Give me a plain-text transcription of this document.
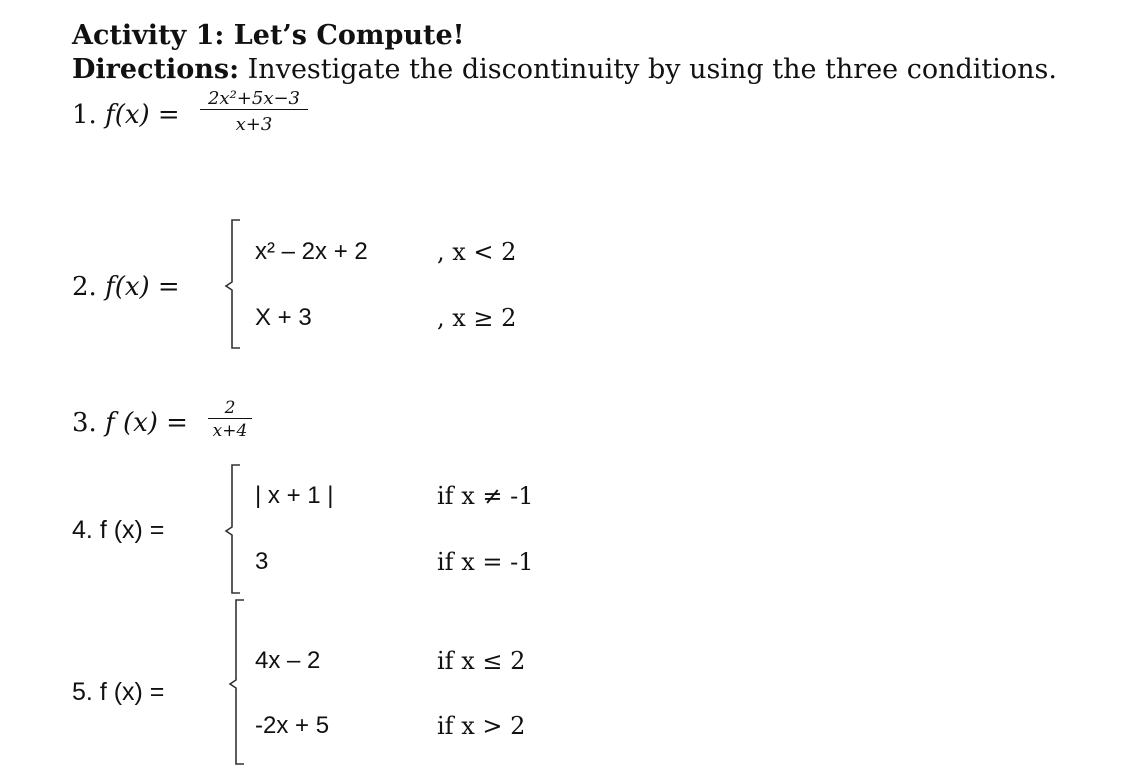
Activity 1: Let’s Compute!
Directions: Investigate the discontinuity by using the three conditions.
1. f(x) =
2x²+5x−3
x+3
2. f(x) =
x² – 2x + 2	, x < 2
X + 3	, x ≥ 2
3. f (x) =	2
x+4
4. f (x) =
| x + 1 |	if x ≠ -1
3	if x = -1
5. f (x) =
4x – 2	if x ≤ 2
-2x + 5	if x > 2
